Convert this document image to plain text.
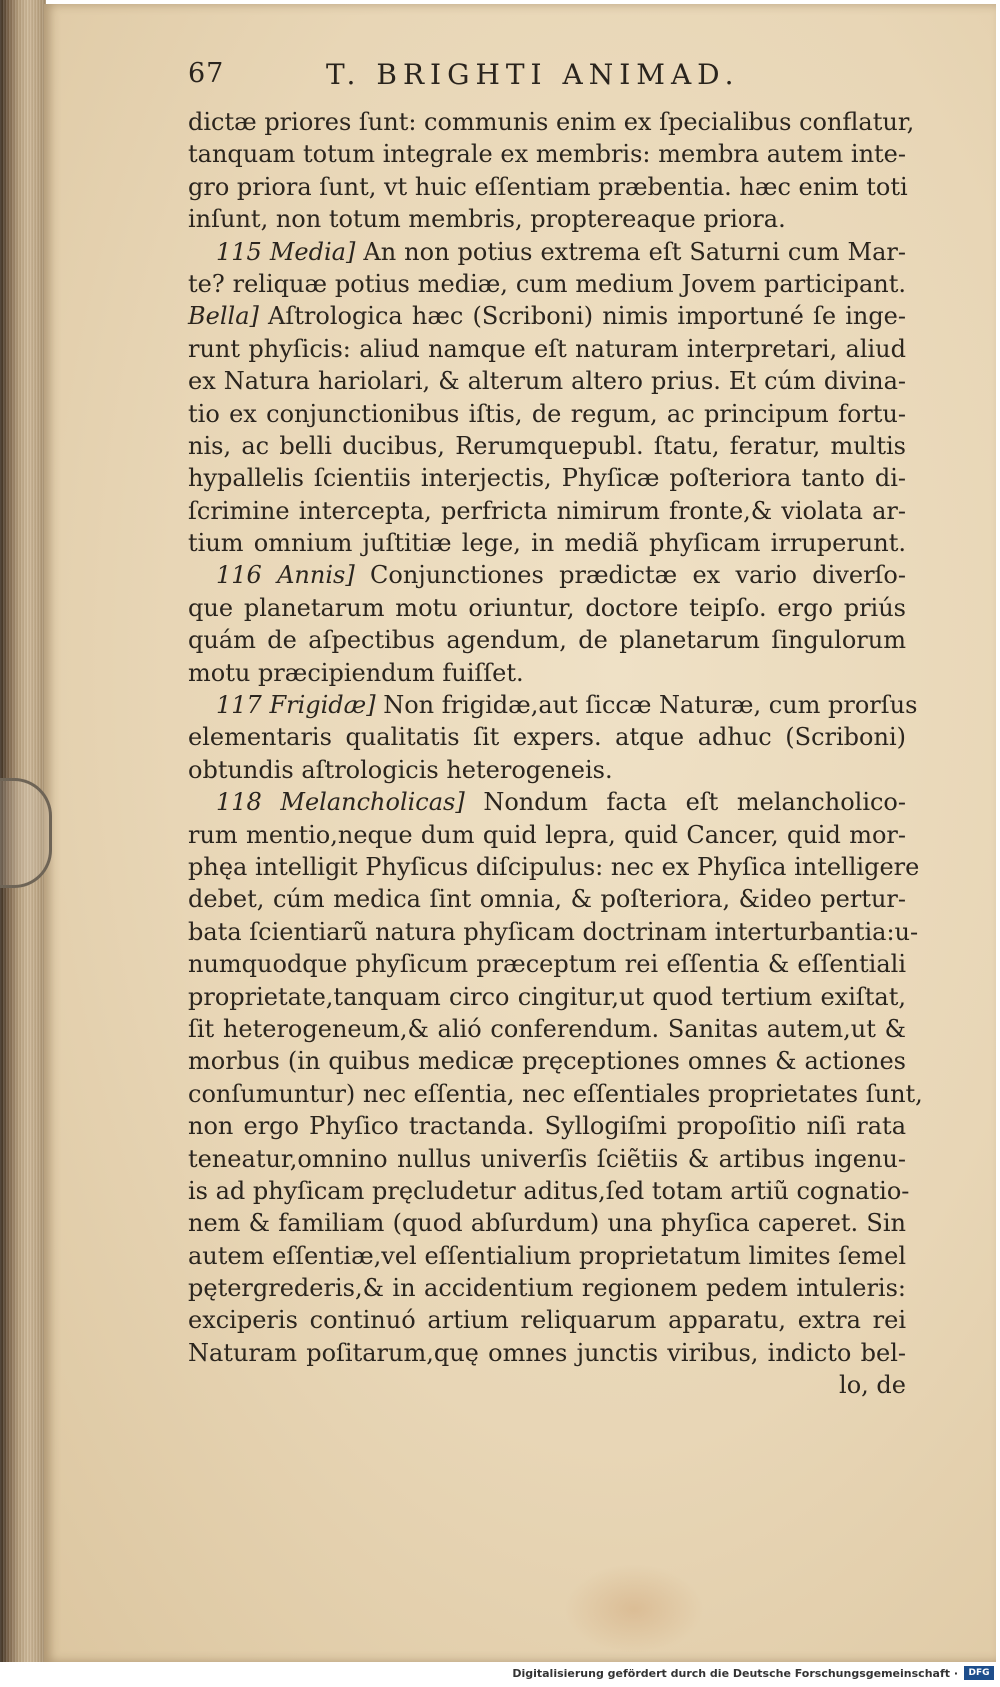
67	T. BRIGHTI ANIMAD.
dictæ priores ſunt: communis enim ex ſpecialibus conflatur,
tanquam totum integrale ex membris: membra autem inte-
gro priora ſunt, vt huic eſſentiam præbentia. hæc enim toti
inſunt, non totum membris, proptereaque priora.
115 Media] An non potius extrema eſt Saturni cum Mar-
te? reliquæ potius mediæ, cum medium Jovem participant.
Bella] Aſtrologica hæc (Scriboni) nimis importuné ſe inge-
runt phyſicis: aliud namque eſt naturam interpretari, aliud
ex Natura hariolari, & alterum altero prius. Et cúm divina-
tio ex conjunctionibus iſtis, de regum, ac principum fortu-
nis, ac belli ducibus, Rerumquepubl. ſtatu, feratur, multis
hypallelis ſcientiis interjectis, Phyſicæ poſteriora tanto di-
ſcrimine intercepta, perfricta nimirum fronte,& violata ar-
tium omnium juſtitiæ lege, in mediã phyſicam irruperunt.
116 Annis] Conjunctiones prædictæ ex vario diverſo-
que planetarum motu oriuntur, doctore teipſo. ergo priús
quám de aſpectibus agendum, de planetarum ſingulorum
motu præcipiendum fuiſſet.
117 Frigidæ] Non frigidæ,aut ſiccæ Naturæ, cum prorſus
elementaris qualitatis ſit expers. atque adhuc (Scriboni)
obtundis aſtrologicis heterogeneis.
118 Melancholicas] Nondum facta eſt melancholico-
rum mentio,neque dum quid lepra, quid Cancer, quid mor-
phęa intelligit Phyſicus diſcipulus: nec ex Phyſica intelligere
debet, cúm medica ſint omnia, & poſteriora, &ideo pertur-
bata ſcientiarũ natura phyſicam doctrinam interturbantia:u-
numquodque phyſicum præceptum rei eſſentia & eſſentiali
proprietate,tanquam circo cingitur,ut quod tertium exiſtat,
ſit heterogeneum,& alió conferendum. Sanitas autem,ut &
morbus (in quibus medicæ pręceptiones omnes & actiones
conſumuntur) nec eſſentia, nec eſſentiales proprietates ſunt,
non ergo Phyſico tractanda. Syllogiſmi propoſitio niſi rata
teneatur,omnino nullus univerſis ſciẽtiis & artibus ingenu-
is ad phyſicam pręcludetur aditus,ſed totam artiũ cognatio-
nem & familiam (quod abſurdum) una phyſica caperet. Sin
autem eſſentiæ,vel eſſentialium proprietatum limites ſemel
pętergrederis,& in accidentium regionem pedem intuleris:
exciperis continuó artium reliquarum apparatu, extra rei
Naturam poſitarum,quę omnes junctis viribus, indicto bel-
lo, de
Digitalisierung gefördert durch die Deutsche Forschungsgemeinschaft ·	DFG
